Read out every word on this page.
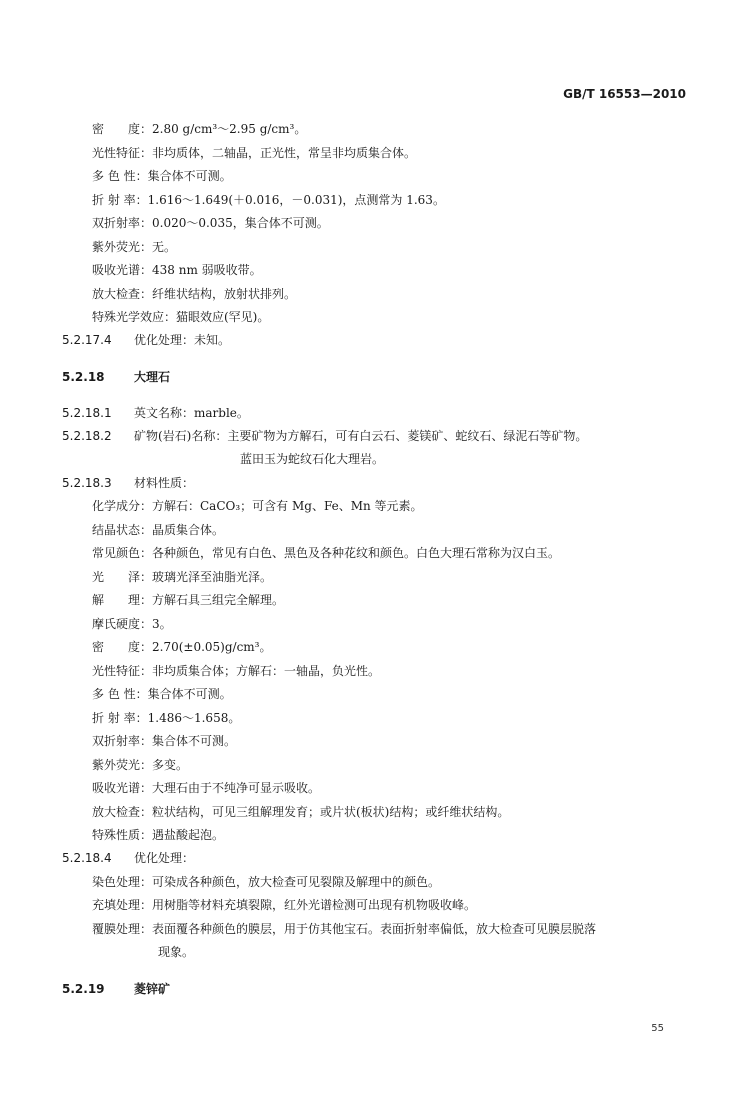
GB/T 16553—2010
密　　度：2.80 g/cm³～2.95 g/cm³。
光性特征：非均质体，二轴晶，正光性，常呈非均质集合体。
多 色 性：集合体不可测。
折 射 率：1.616～1.649(＋0.016，－0.031)，点测常为 1.63。
双折射率：0.020～0.035，集合体不可测。
紫外荧光：无。
吸收光谱：438 nm 弱吸收带。
放大检查：纤维状结构，放射状排列。
特殊光学效应：猫眼效应(罕见)。
5.2.17.4 优化处理：未知。
5.2.18 大理石
5.2.18.1 英文名称：marble。
5.2.18.2 矿物(岩石)名称：主要矿物为方解石，可有白云石、菱镁矿、蛇纹石、绿泥石等矿物。
蓝田玉为蛇纹石化大理岩。
5.2.18.3 材料性质：
化学成分：方解石：CaCO₃；可含有 Mg、Fe、Mn 等元素。
结晶状态：晶质集合体。
常见颜色：各种颜色，常见有白色、黑色及各种花纹和颜色。白色大理石常称为汉白玉。
光　　泽：玻璃光泽至油脂光泽。
解　　理：方解石具三组完全解理。
摩氏硬度：3。
密　　度：2.70(±0.05)g/cm³。
光性特征：非均质集合体；方解石：一轴晶，负光性。
多 色 性：集合体不可测。
折 射 率：1.486～1.658。
双折射率：集合体不可测。
紫外荧光：多变。
吸收光谱：大理石由于不纯净可显示吸收。
放大检查：粒状结构，可见三组解理发育；或片状(板状)结构；或纤维状结构。
特殊性质：遇盐酸起泡。
5.2.18.4 优化处理：
染色处理：可染成各种颜色，放大检查可见裂隙及解理中的颜色。
充填处理：用树脂等材料充填裂隙，红外光谱检测可出现有机物吸收峰。
覆膜处理：表面覆各种颜色的膜层，用于仿其他宝石。表面折射率偏低，放大检查可见膜层脱落
现象。
5.2.19 菱锌矿
55
